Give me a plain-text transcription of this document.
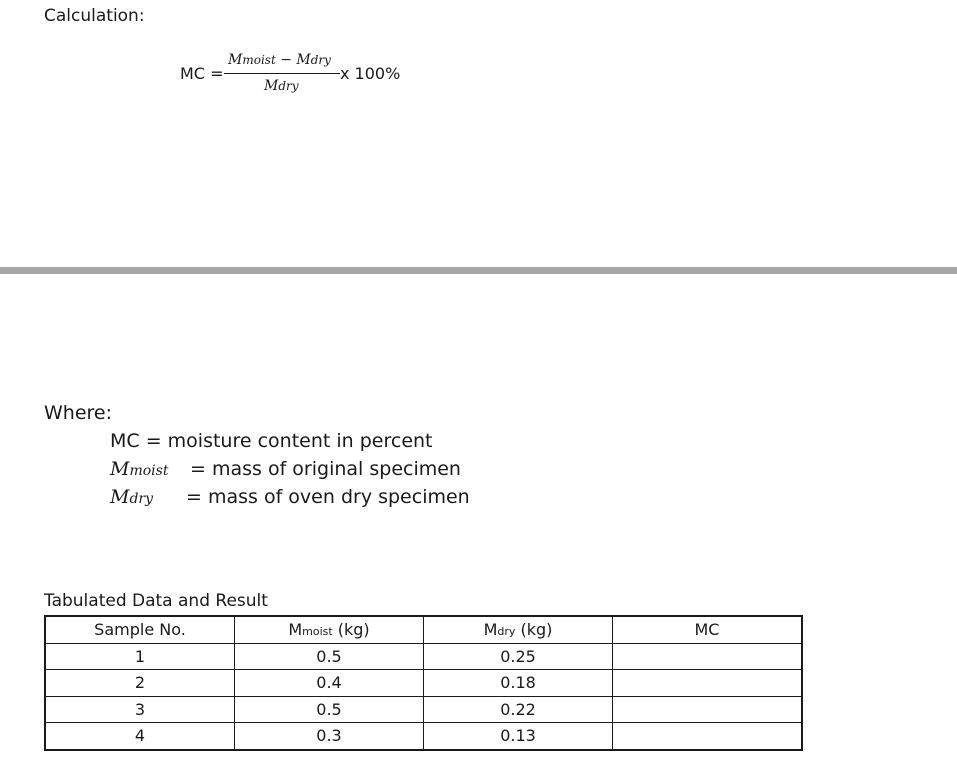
Calculation:
MC =
Mmoist − Mdry
Mdry
x 100%
Where:
MC = moisture content in percent
Mmoist = mass of original specimen
Mdry = mass of oven dry specimen
Tabulated Data and Result
Sample No.	Mmoist (kg)	Mdry (kg)	MC
1	0.5	0.25	
2	0.4	0.18	
3	0.5	0.22	
4	0.3	0.13	
